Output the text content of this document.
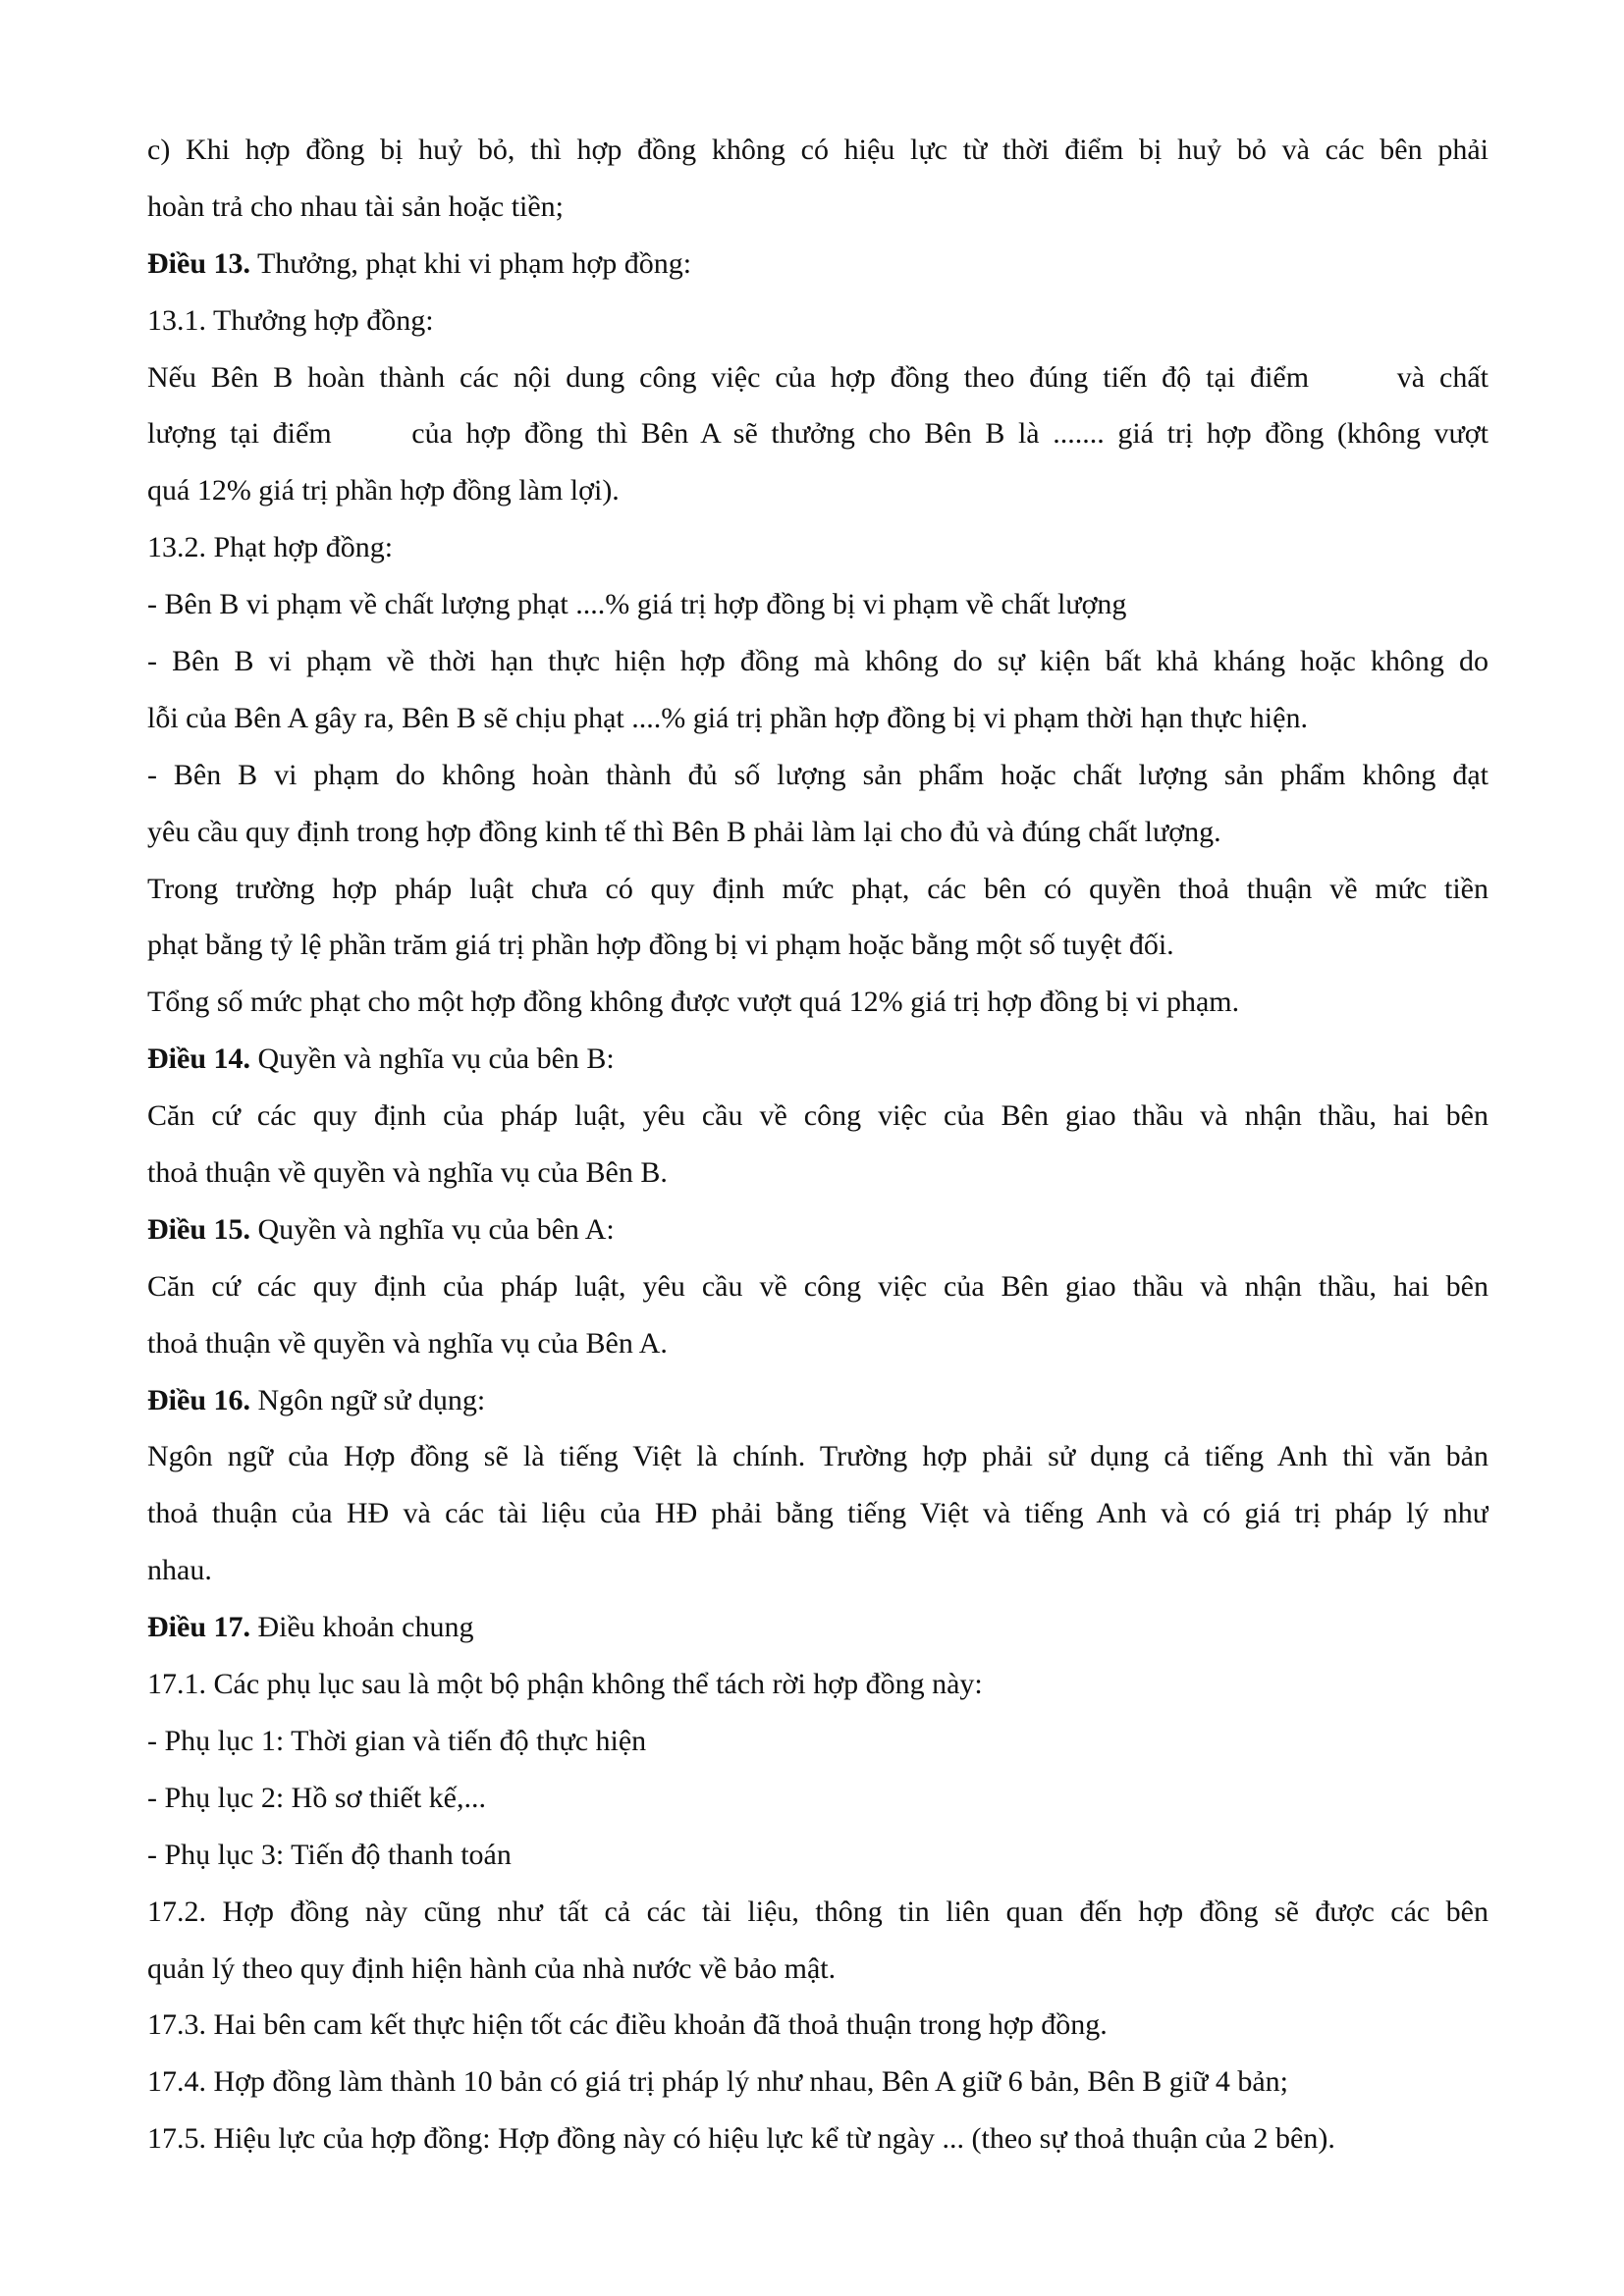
c) Khi hợp đồng bị huỷ bỏ, thì hợp đồng không có hiệu lực từ thời điểm bị huỷ bỏ và các bên phải
hoàn trả cho nhau tài sản hoặc tiền;
Điều 13. Thưởng, phạt khi vi phạm hợp đồng:
13.1. Thưởng hợp đồng:
Nếu Bên B hoàn thành các nội dung công việc của hợp đồng theo đúng tiến độ tại điểm      và chất
lượng tại điểm      của hợp đồng thì Bên A sẽ thưởng cho Bên B là ....... giá trị hợp đồng (không vượt
quá 12% giá trị phần hợp đồng làm lợi).
13.2. Phạt hợp đồng:
- Bên B vi phạm về chất lượng phạt ....% giá trị hợp đồng bị vi phạm về chất lượng
- Bên B vi phạm về thời hạn thực hiện hợp đồng mà không do sự kiện bất khả kháng hoặc không do
lỗi của Bên A gây ra, Bên B sẽ chịu phạt ....% giá trị phần hợp đồng bị vi phạm thời hạn thực hiện.
- Bên B vi phạm do không hoàn thành đủ số lượng sản phẩm hoặc chất lượng sản phẩm không đạt
yêu cầu quy định trong hợp đồng kinh tế thì Bên B phải làm lại cho đủ và đúng chất lượng.
Trong trường hợp pháp luật chưa có quy định mức phạt, các bên có quyền thoả thuận về mức tiền
phạt bằng tỷ lệ phần trăm giá trị phần hợp đồng bị vi phạm hoặc bằng một số tuyệt đối.
Tổng số mức phạt cho một hợp đồng không được vượt quá 12% giá trị hợp đồng bị vi phạm.
Điều 14. Quyền và nghĩa vụ của bên B:
Căn cứ các quy định của pháp luật, yêu cầu về công việc của Bên giao thầu và nhận thầu, hai bên
thoả thuận về quyền và nghĩa vụ của Bên B.
Điều 15. Quyền và nghĩa vụ của bên A:
Căn cứ các quy định của pháp luật, yêu cầu về công việc của Bên giao thầu và nhận thầu, hai bên
thoả thuận về quyền và nghĩa vụ của Bên A.
Điều 16. Ngôn ngữ sử dụng:
Ngôn ngữ của Hợp đồng sẽ là tiếng Việt là chính. Trường hợp phải sử dụng cả tiếng Anh thì văn bản
thoả thuận của HĐ và các tài liệu của HĐ phải bằng tiếng Việt và tiếng Anh và có giá trị pháp lý như
nhau.
Điều 17. Điều khoản chung
17.1. Các phụ lục sau là một bộ phận không thể tách rời hợp đồng này:
- Phụ lục 1: Thời gian và tiến độ thực hiện
- Phụ lục 2: Hồ sơ thiết kế,...
- Phụ lục 3: Tiến độ thanh toán
17.2. Hợp đồng này cũng như tất cả các tài liệu, thông tin liên quan đến hợp đồng sẽ được các bên
quản lý theo quy định hiện hành của nhà nước về bảo mật.
17.3. Hai bên cam kết thực hiện tốt các điều khoản đã thoả thuận trong hợp đồng.
17.4. Hợp đồng làm thành 10 bản có giá trị pháp lý như nhau, Bên A giữ 6 bản, Bên B giữ 4 bản;
17.5. Hiệu lực của hợp đồng: Hợp đồng này có hiệu lực kể từ ngày ... (theo sự thoả thuận của 2 bên).
